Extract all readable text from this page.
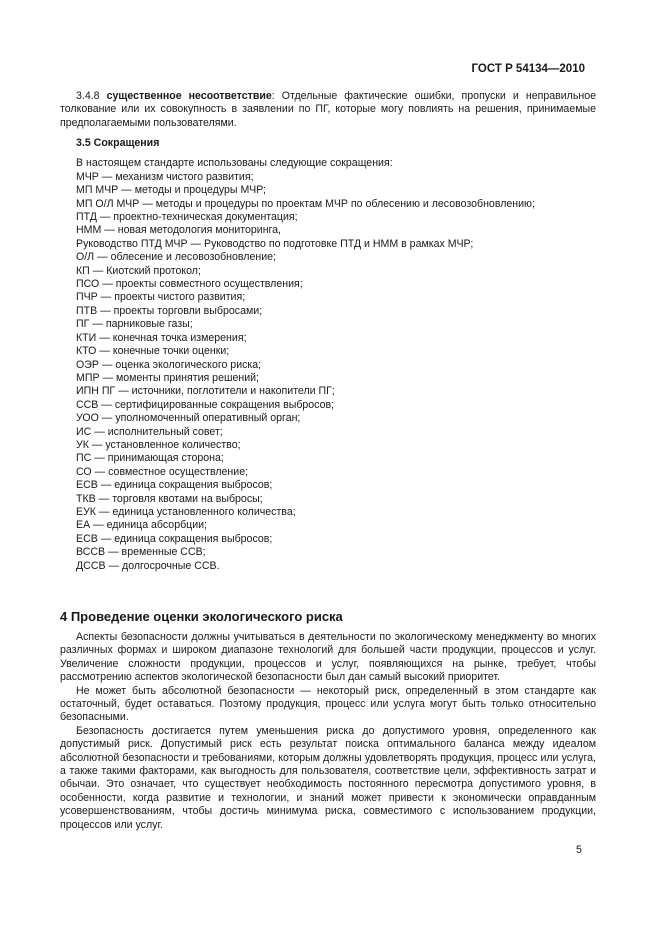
ГОСТ Р 54134—2010

3.4.8 существенное несоответствие: Отдельные фактические ошибки, пропуски и неправильное толкование или их совокупность в заявлении по ПГ, которые могу повлиять на решения, принимаемые предполагаемыми пользователями.

3.5 Сокращения
В настоящем стандарте использованы следующие сокращения:
МЧР — механизм чистого развития;
МП МЧР — методы и процедуры МЧР;
МП О/Л МЧР — методы и процедуры по проектам МЧР по облесению и лесовозобновлению;
ПТД — проектно-техническая документация;
НММ — новая методология мониторинга,
Руководство ПТД МЧР — Руководство по подготовке ПТД и НММ в рамках МЧР;
О/Л — облесение и лесовозобновление;
КП — Киотский протокол;
ПСО — проекты совместного осуществления;
ПЧР — проекты чистого развития;
ПТВ — проекты торговли выбросами;
ПГ — парниковые газы;
КТИ — конечная точка измерения;
КТО — конечные точки оценки;
ОЭР — оценка экологического риска;
МПР — моменты принятия решений;
ИПН ПГ — источники, поглотители и накопители ПГ;
ССВ — сертифицированные сокращения выбросов;
УОО — уполномоченный оперативный орган;
ИС — исполнительный совет;
УК — установленное количество;
ПС — принимающая сторона;
СО — совместное осуществление;
ЕСВ — единица сокращения выбросов;
ТКВ — торговля квотами на выбросы;
ЕУК — единица установленного количества;
ЕА — единица абсорбции;
ЕСВ — единица сокращения выбросов;
ВССВ — временные ССВ;
ДССВ — долгосрочные ССВ.
4 Проведение оценки экологического риска

Аспекты безопасности должны учитываться в деятельности по экологическому менеджменту во многих различных формах и широком диапазоне технологий для большей части продукции, процессов и услуг. Увеличение сложности продукции, процессов и услуг, появляющихся на рынке, требует, чтобы рассмотрению аспектов экологической безопасности был дан самый высокий приоритет.

Не может быть абсолютной безопасности — некоторый риск, определенный в этом стандарте как остаточный, будет оставаться. Поэтому продукция, процесс или услуга могут быть только относительно безопасными.

Безопасность достигается путем уменьшения риска до допустимого уровня, определенного как допустимый риск. Допустимый риск есть результат поиска оптимального баланса между идеалом абсолютной безопасности и требованиями, которым должны удовлетворять продукция, процесс или услуга, а также такими факторами, как выгодность для пользователя, соответствие цели, эффективность затрат и обычаи. Это означает, что существует необходимость постоянного пересмотра допустимого уровня, в особенности, когда развитие и технологии, и знаний может привести к экономически оправданным усовершенствованиям, чтобы достичь минимума риска, совместимого с использованием продукции, процессов или услуг.

5
